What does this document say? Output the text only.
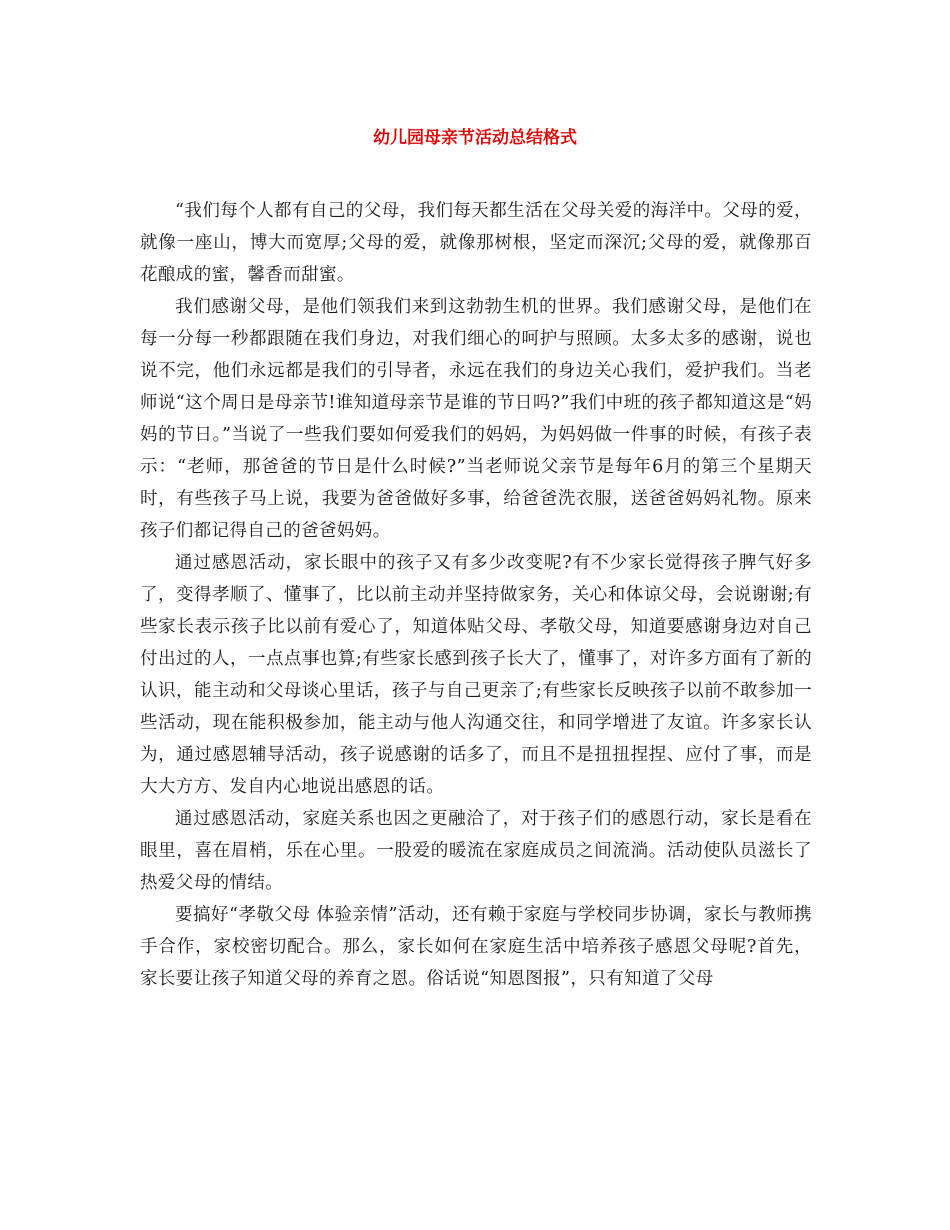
幼儿园母亲节活动总结格式

“我们每个人都有自己的父母，我们每天都生活在父母关爱的海洋中。父母的爱，就像一座山，博大而宽厚;父母的爱，就像那树根，坚定而深沉;父母的爱，就像那百花酿成的蜜，馨香而甜蜜。

我们感谢父母，是他们领我们来到这勃勃生机的世界。我们感谢父母，是他们在每一分每一秒都跟随在我们身边，对我们细心的呵护与照顾。太多太多的感谢，说也说不完，他们永远都是我们的引导者，永远在我们的身边关心我们，爱护我们。当老师说“这个周日是母亲节!谁知道母亲节是谁的节日吗?”我们中班的孩子都知道这是“妈妈的节日。”当说了一些我们要如何爱我们的妈妈，为妈妈做一件事的时候，有孩子表示：“老师，那爸爸的节日是什么时候?”当老师说父亲节是每年6月的第三个星期天时，有些孩子马上说，我要为爸爸做好多事，给爸爸洗衣服，送爸爸妈妈礼物。原来孩子们都记得自己的爸爸妈妈。

通过感恩活动，家长眼中的孩子又有多少改变呢?有不少家长觉得孩子脾气好多了，变得孝顺了、懂事了，比以前主动并坚持做家务，关心和体谅父母，会说谢谢;有些家长表示孩子比以前有爱心了，知道体贴父母、孝敬父母，知道要感谢身边对自己付出过的人，一点点事也算;有些家长感到孩子长大了，懂事了，对许多方面有了新的认识，能主动和父母谈心里话，孩子与自己更亲了;有些家长反映孩子以前不敢参加一些活动，现在能积极参加，能主动与他人沟通交往，和同学增进了友谊。许多家长认为，通过感恩辅导活动，孩子说感谢的话多了，而且不是扭扭捏捏、应付了事，而是大大方方、发自内心地说出感恩的话。

通过感恩活动，家庭关系也因之更融洽了，对于孩子们的感恩行动，家长是看在眼里，喜在眉梢，乐在心里。一股爱的暖流在家庭成员之间流淌。活动使队员滋长了热爱父母的情结。

要搞好“孝敬父母 体验亲情”活动，还有赖于家庭与学校同步协调，家长与教师携手合作，家校密切配合。那么，家长如何在家庭生活中培养孩子感恩父母呢?首先，家长要让孩子知道父母的养育之恩。俗话说“知恩图报”，只有知道了父母
